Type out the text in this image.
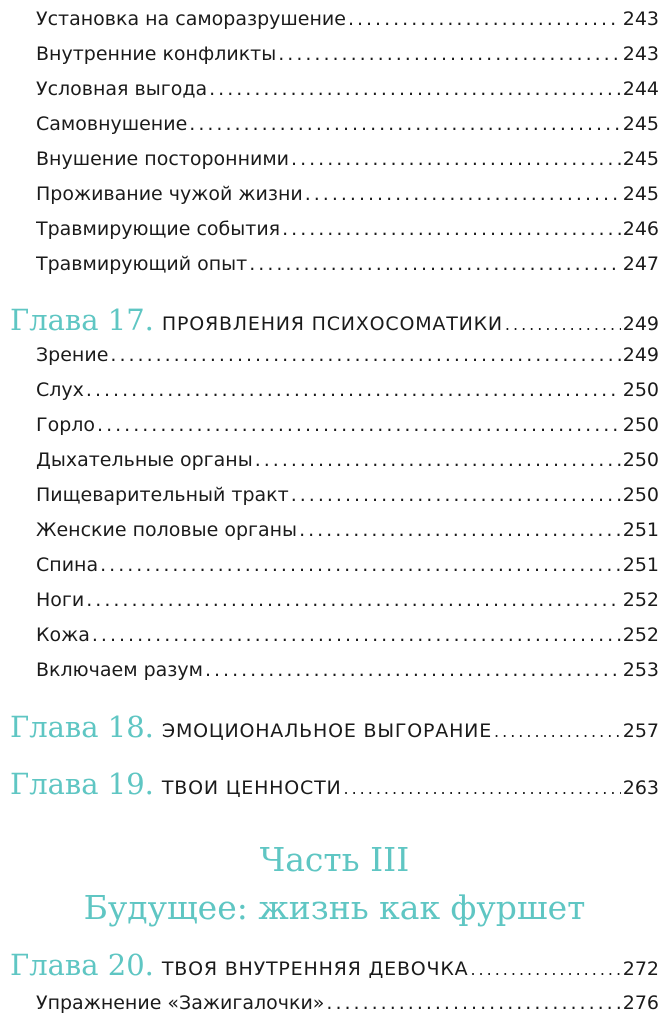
Установка на саморазрушение .....	243
Внутренние конфликты .....	243
Условная выгода .....	244
Самовнушение .....	245
Внушение посторонними .....	245
Проживание чужой жизни .....	245
Травмирующие события .....	246
Травмирующий опыт .....	247
Глава 17. ПРОЯВЛЕНИЯ ПСИХОСОМАТИКИ .....	249
Зрение .....	249
Слух .....	250
Горло .....	250
Дыхательные органы .....	250
Пищеварительный тракт .....	250
Женские половые органы .....	251
Спина .....	251
Ноги .....	252
Кожа .....	252
Включаем разум .....	253
Глава 18. ЭМОЦИОНАЛЬНОЕ ВЫГОРАНИЕ .....	257
Глава 19. ТВОИ ЦЕННОСТИ .....	263
Часть III
Будущее: жизнь как фуршет
Глава 20. ТВОЯ ВНУТРЕННЯЯ ДЕВОЧКА .....	272
Упражнение «Зажигалочки» .....	276
